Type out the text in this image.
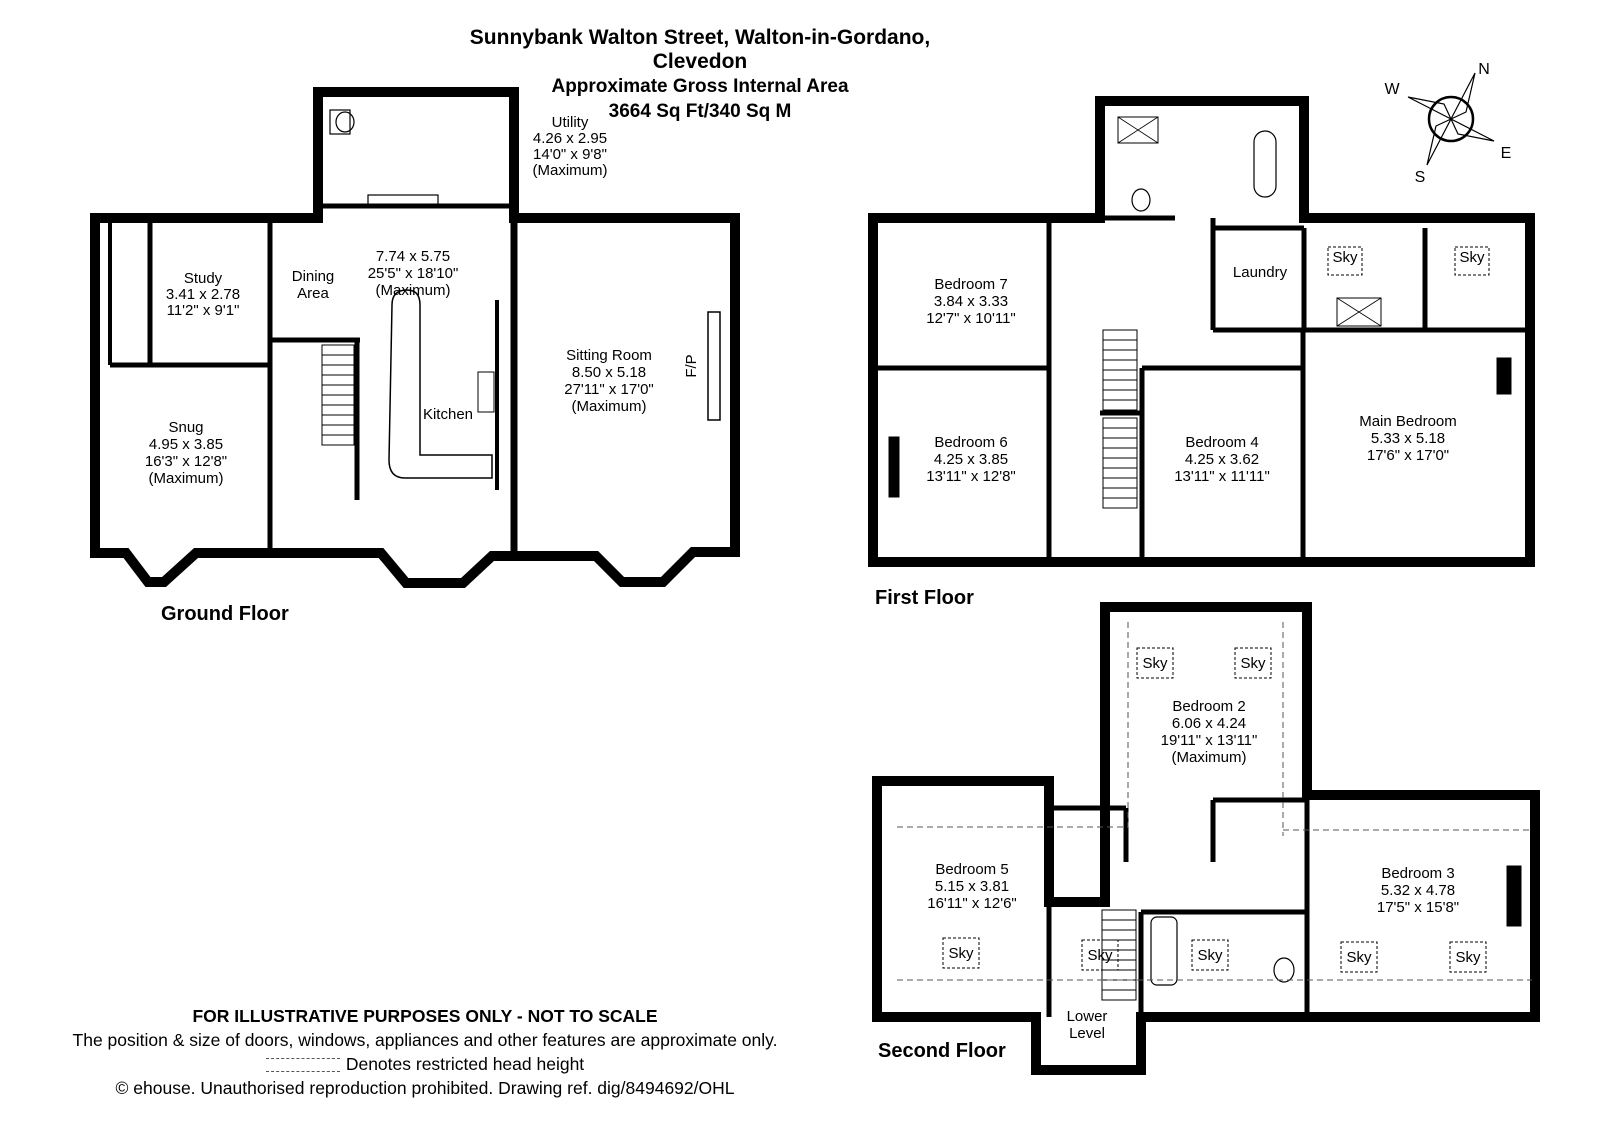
Sunnybank Walton Street, Walton-in-Gordano, Clevedon
Approximate Gross Internal Area
3664 Sq Ft/340 Sq M
Utility 4.26 x 2.95 14'0" x 9'8" (Maximum)
Study 3.41 x 2.78 11'2" x 9'1"
Dining Area
7.74 x 5.75 25'5" x 18'10" (Maximum)
Kitchen
Sitting Room 8.50 x 5.18 27'11" x 17'0" (Maximum)
F/P
Snug 4.95 x 3.85 16'3" x 12'8" (Maximum)
Ground Floor
Bedroom 7 3.84 x 3.33 12'7" x 10'11"
Bedroom 6 4.25 x 3.85 13'11" x 12'8"
Bedroom 4 4.25 x 3.62 13'11" x 11'11"
Main Bedroom 5.33 x 5.18 17'6" x 17'0"
Laundry
Sky	Sky
First Floor
Bedroom 2 6.06 x 4.24 19'11" x 13'11" (Maximum)
Bedroom 5 5.15 x 3.81 16'11" x 12'6"
Bedroom 3 5.32 x 4.78 17'5" x 15'8"
Lower Level
Sky	Sky
Sky	Sky	Sky	Sky	Sky
Second Floor
N
E
S
W
FOR ILLUSTRATIVE PURPOSES ONLY - NOT TO SCALE
The position & size of doors, windows, appliances and other features are approximate only.
Denotes restricted head height
© ehouse. Unauthorised reproduction prohibited. Drawing ref. dig/8494692/OHL
